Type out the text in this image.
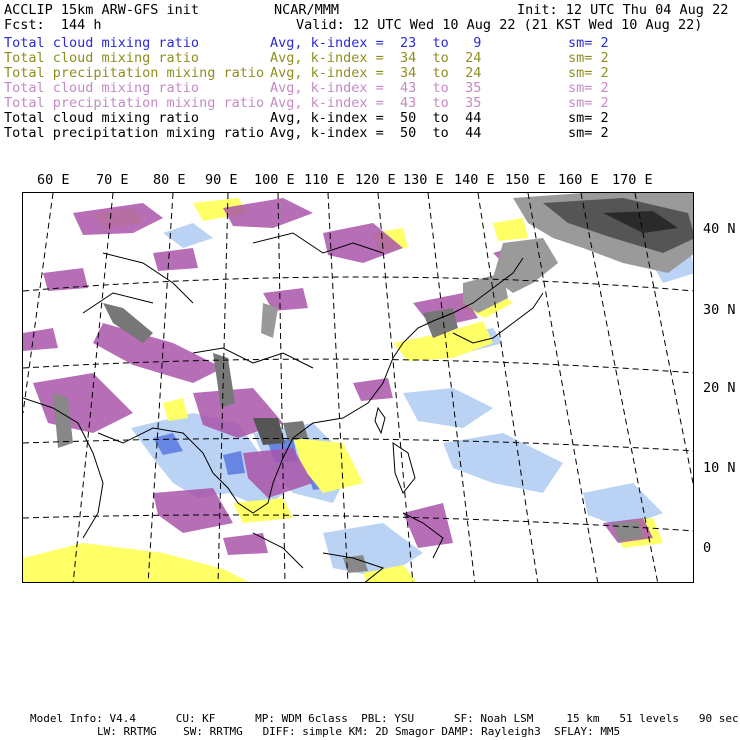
ACCLIP 15km ARW-GFS init	NCAR/MMM	Init: 12 UTC Thu 04 Aug 22
Fcst:  144 h	Valid: 12 UTC Wed 10 Aug 22 (21 KST Wed 10 Aug 22)
Total cloud mixing ratio	Avg, k-index =  23  to   9	sm= 2
Total cloud mixing ratio	Avg, k-index =  34  to  24	sm= 2
Total precipitation mixing ratio Avg, k-index =  34  to  24	sm= 2
Total cloud mixing ratio	Avg, k-index =  43  to  35	sm= 2
Total precipitation mixing ratio Avg, k-index =  43  to  35	sm= 2
Total cloud mixing ratio	Avg, k-index =  50  to  44	sm= 2
Total precipitation mixing ratio Avg, k-index =  50  to  44	sm= 2
60 E 70 E 80 E 90 E 100 E 110 E 120 E 130 E 140 E 150 E 160 E 170 E
40 N
30 N
20 N
10 N
0
Model Info: V4.4      CU: KF      MP: WDM 6class  PBL: YSU      SF: Noah LSM     15 km   51 levels   90 sec
LW: RRTMG    SW: RRTMG   DIFF: simple KM: 2D Smagor DAMP: Rayleigh3  SFLAY: MM5
